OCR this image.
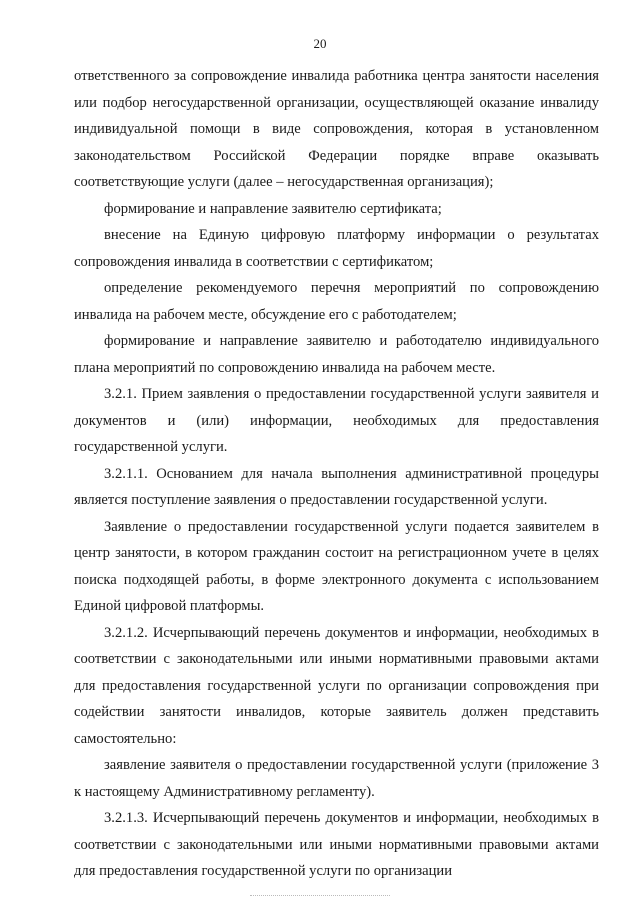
20

ответственного за сопровождение инвалида работника центра занятости населения или подбор негосударственной организации, осуществляющей оказание инвалиду индивидуальной помощи в виде сопровождения, которая в установленном законодательством Российской Федерации порядке вправе оказывать соответствующие услуги (далее – негосударственная организация);

формирование и направление заявителю сертификата;

внесение на Единую цифровую платформу информации о результатах сопровождения инвалида в соответствии с сертификатом;

определение рекомендуемого перечня мероприятий по сопровождению инвалида на рабочем месте, обсуждение его с работодателем;

формирование и направление заявителю и работодателю индивидуального плана мероприятий по сопровождению инвалида на рабочем месте.

3.2.1. Прием заявления о предоставлении государственной услуги заявителя и документов и (или) информации, необходимых для предоставления государственной услуги.

3.2.1.1. Основанием для начала выполнения административной процедуры является поступление заявления о предоставлении государственной услуги.

Заявление о предоставлении государственной услуги подается заявителем в центр занятости, в котором гражданин состоит на регистрационном учете в целях поиска подходящей работы, в форме электронного документа с использованием Единой цифровой платформы.

3.2.1.2. Исчерпывающий перечень документов и информации, необходимых в соответствии с законодательными или иными нормативными правовыми актами для предоставления государственной услуги по организации сопровождения при содействии занятости инвалидов, которые заявитель должен представить самостоятельно:

заявление заявителя о предоставлении государственной услуги (приложение 3 к настоящему Административному регламенту).

3.2.1.3. Исчерпывающий перечень документов и информации, необходимых в соответствии с законодательными или иными нормативными правовыми актами для предоставления государственной услуги по организации
